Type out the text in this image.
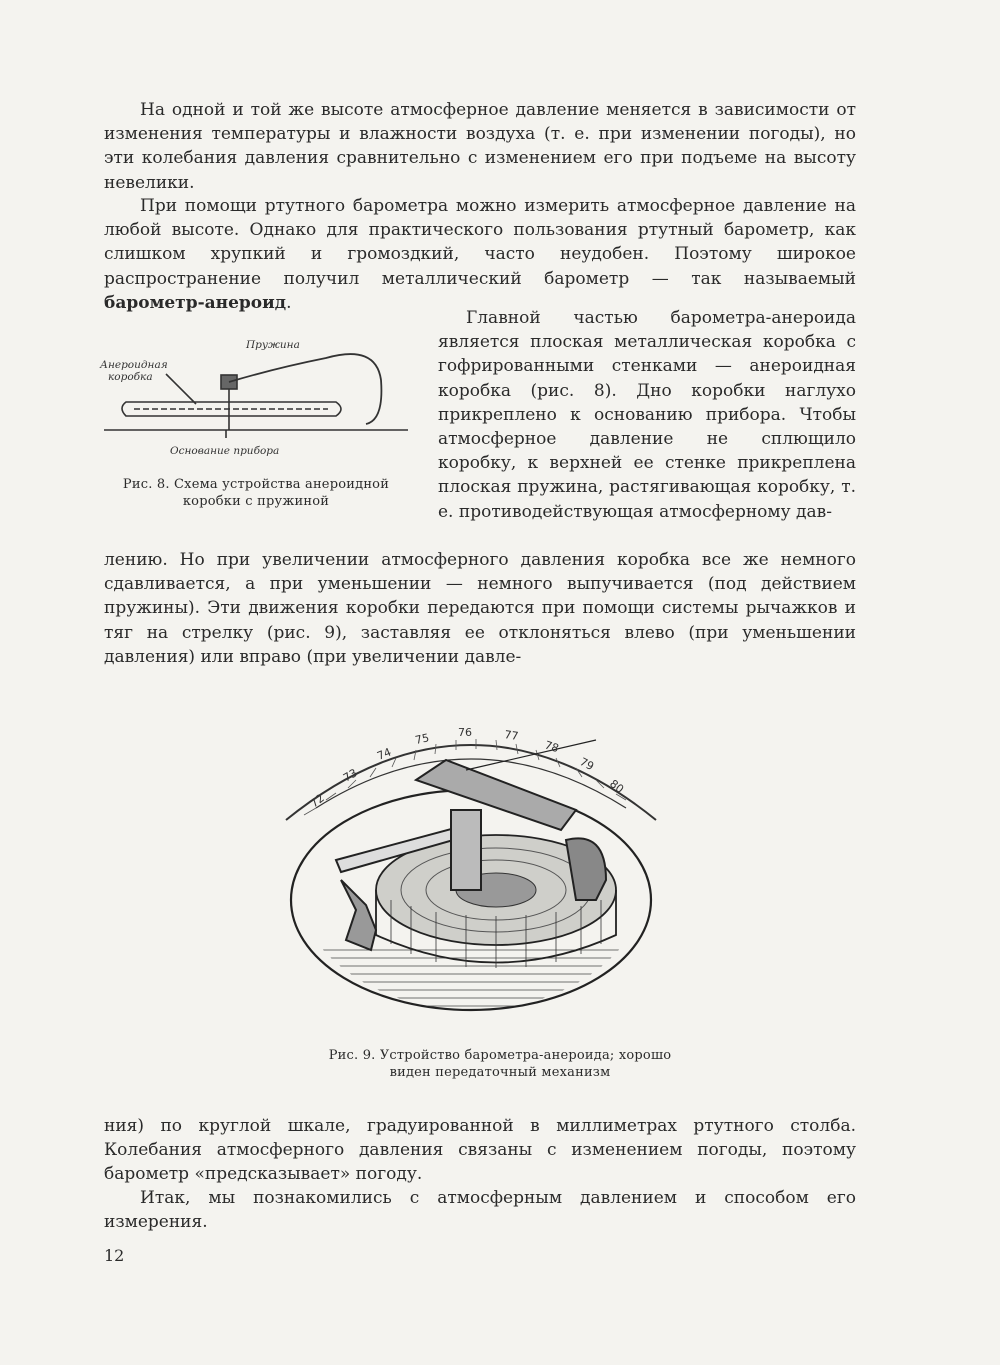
На одной и той же высоте атмосферное давление меняется в зависимости от изменения температуры и влажности воздуха (т. е. при изменении погоды), но эти колебания давления сравнительно с изменением его при подъеме на высоту невелики.

При помощи ртутного барометра можно измерить атмосферное давление на любой высоте. Однако для практического пользования ртутный барометр, как слишком хрупкий и громоздкий, часто неудобен. Поэтому широкое распространение получил металлический барометр — так называемый барометр-анероид.

Пружина
Анероидная
коробка
Основание прибора

Рис. 8. Схема устройства анероидной
коробки с пружиной

Главной частью барометра-анероида является плоская металлическая коробка с гофрированными стенками — анероидная коробка (рис. 8). Дно коробки наглухо прикреплено к основанию прибора. Чтобы атмосферное давление не сплющило коробку, к верхней ее стенке прикреплена плоская пружина, растягивающая коробку, т. е. противодействующая атмосферному дав-

лению. Но при увеличении атмосферного давления коробка все же немного сдавливается, а при уменьшении — немного выпучивается (под действием пружины). Эти движения коробки передаются при помощи системы рычажков и тяг на стрелку (рис. 9), заставляя ее отклоняться влево (при уменьшении давления) или вправо (при увеличении давле-

72
73
74
75	76	77
78
79
80

Рис. 9. Устройство барометра-анероида; хорошо
виден передаточный механизм

ния) по круглой шкале, градуированной в миллиметрах ртутного столба. Колебания атмосферного давления связаны с изменением погоды, поэтому барометр «предсказывает» погоду.

Итак, мы познакомились с атмосферным давлением и способом его измерения.

12
